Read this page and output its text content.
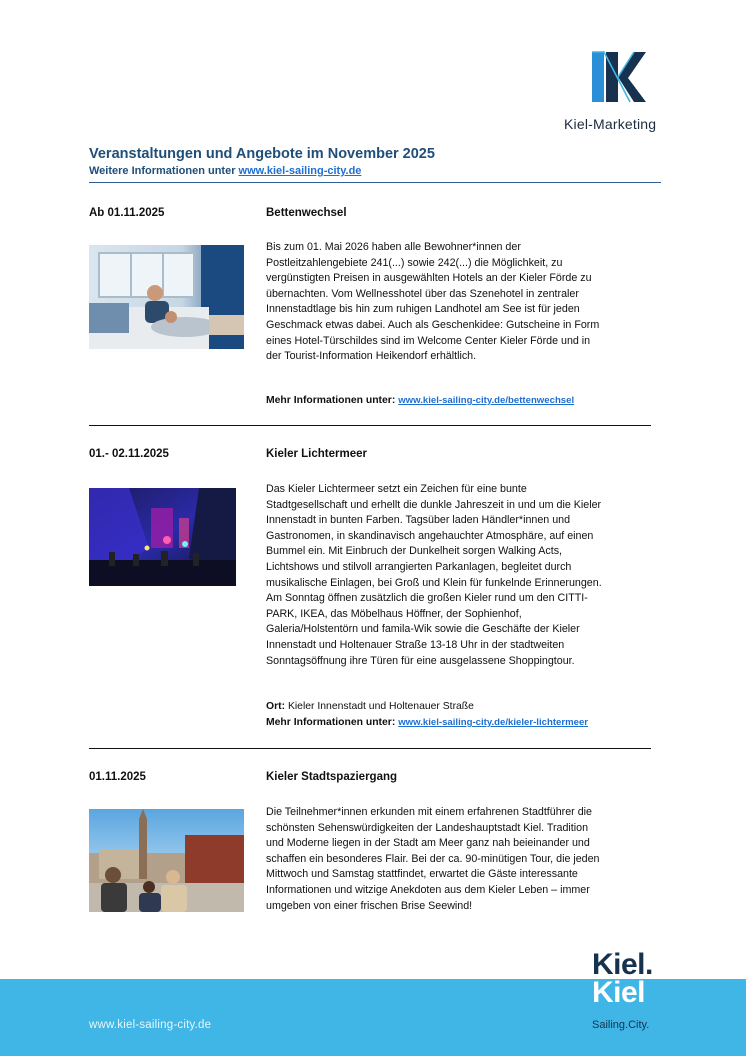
Kiel-Marketing
Veranstaltungen und Angebote im November 2025
Weitere Informationen unter www.kiel-sailing-city.de
Ab 01.11.2025	Bettenwechsel
Bis zum 01. Mai 2026 haben alle Bewohner*innen der
Postleitzahlengebiete 241(...) sowie 242(...) die Möglichkeit, zu
vergünstigten Preisen in ausgewählten Hotels an der Kieler Förde zu
übernachten. Vom Wellnesshotel über das Szenehotel in zentraler
Innenstadtlage bis hin zum ruhigen Landhotel am See ist für jeden
Geschmack etwas dabei. Auch als Geschenkidee: Gutscheine in Form
eines Hotel-Türschildes sind im Welcome Center Kieler Förde und in
der Tourist-Information Heikendorf erhältlich.
Mehr Informationen unter: www.kiel-sailing-city.de/bettenwechsel
01.- 02.11.2025	Kieler Lichtermeer
Das Kieler Lichtermeer setzt ein Zeichen für eine bunte
Stadtgesellschaft und erhellt die dunkle Jahreszeit in und um die Kieler
Innenstadt in bunten Farben. Tagsüber laden Händler*innen und
Gastronomen, in skandinavisch angehauchter Atmosphäre, auf einen
Bummel ein. Mit Einbruch der Dunkelheit sorgen Walking Acts,
Lichtshows und stilvoll arrangierten Parkanlagen, begleitet durch
musikalische Einlagen, bei Groß und Klein für funkelnde Erinnerungen.
Am Sonntag öffnen zusätzlich die großen Kieler rund um den CITTI-
PARK, IKEA, das Möbelhaus Höffner, der Sophienhof,
Galeria/Holstentörn und famila-Wik sowie die Geschäfte der Kieler
Innenstadt und Holtenauer Straße 13-18 Uhr in der stadtweiten
Sonntagsöffnung ihre Türen für eine ausgelassene Shoppingtour.
Ort: Kieler Innenstadt und Holtenauer Straße
Mehr Informationen unter: www.kiel-sailing-city.de/kieler-lichtermeer
01.11.2025	Kieler Stadtspaziergang
Die Teilnehmer*innen erkunden mit einem erfahrenen Stadtführer die
schönsten Sehenswürdigkeiten der Landeshauptstadt Kiel. Tradition
und Moderne liegen in der Stadt am Meer ganz nah beieinander und
schaffen ein besonderes Flair. Bei der ca. 90-minütigen Tour, die jeden
Mittwoch und Samstag stattfindet, erwartet die Gäste interessante
Informationen und witzige Anekdoten aus dem Kieler Leben – immer
umgeben von einer frischen Brise Seewind!
www.kiel-sailing-city.de
Kiel.
Kiel
Sailing.City.
